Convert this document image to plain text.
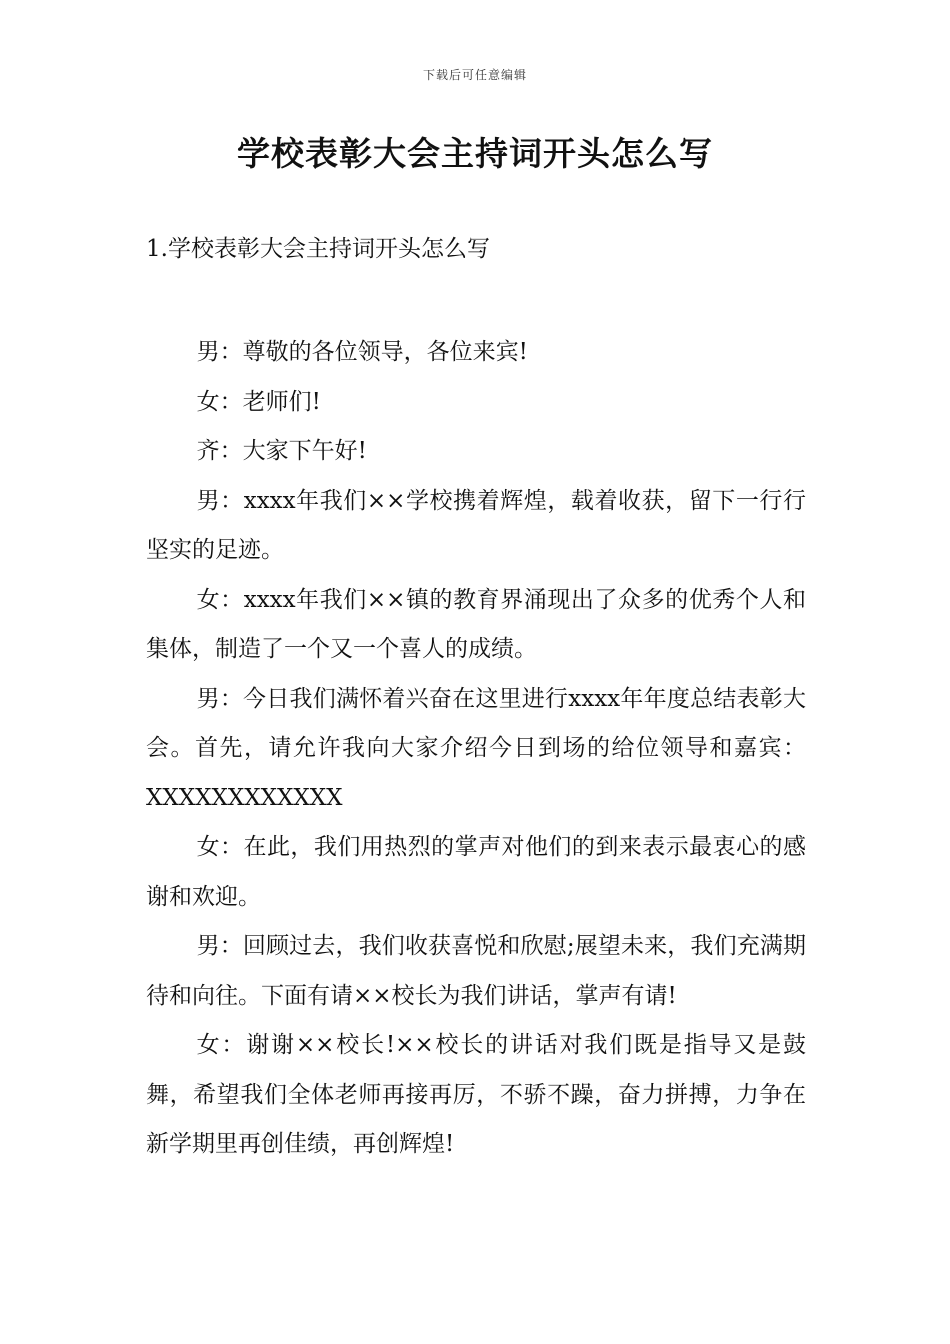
下载后可任意编辑
学校表彰大会主持词开头怎么写
1.学校表彰大会主持词开头怎么写

男：尊敬的各位领导，各位来宾!

女：老师们!

齐：大家下午好!

男：xxxx年我们××学校携着辉煌，载着收获，留下一行行坚实的足迹。

女：xxxx年我们××镇的教育界涌现出了众多的优秀个人和集体，制造了一个又一个喜人的成绩。

男：今日我们满怀着兴奋在这里进行xxxx年年度总结表彰大会。首先，请允许我向大家介绍今日到场的给位领导和嘉宾：XXXXXXXXXXXX

女：在此，我们用热烈的掌声对他们的到来表示最衷心的感谢和欢迎。

男：回顾过去，我们收获喜悦和欣慰;展望未来，我们充满期待和向往。下面有请××校长为我们讲话，掌声有请!

女：谢谢××校长!××校长的讲话对我们既是指导又是鼓舞，希望我们全体老师再接再厉，不骄不躁，奋力拼搏，力争在新学期里再创佳绩，再创辉煌!
